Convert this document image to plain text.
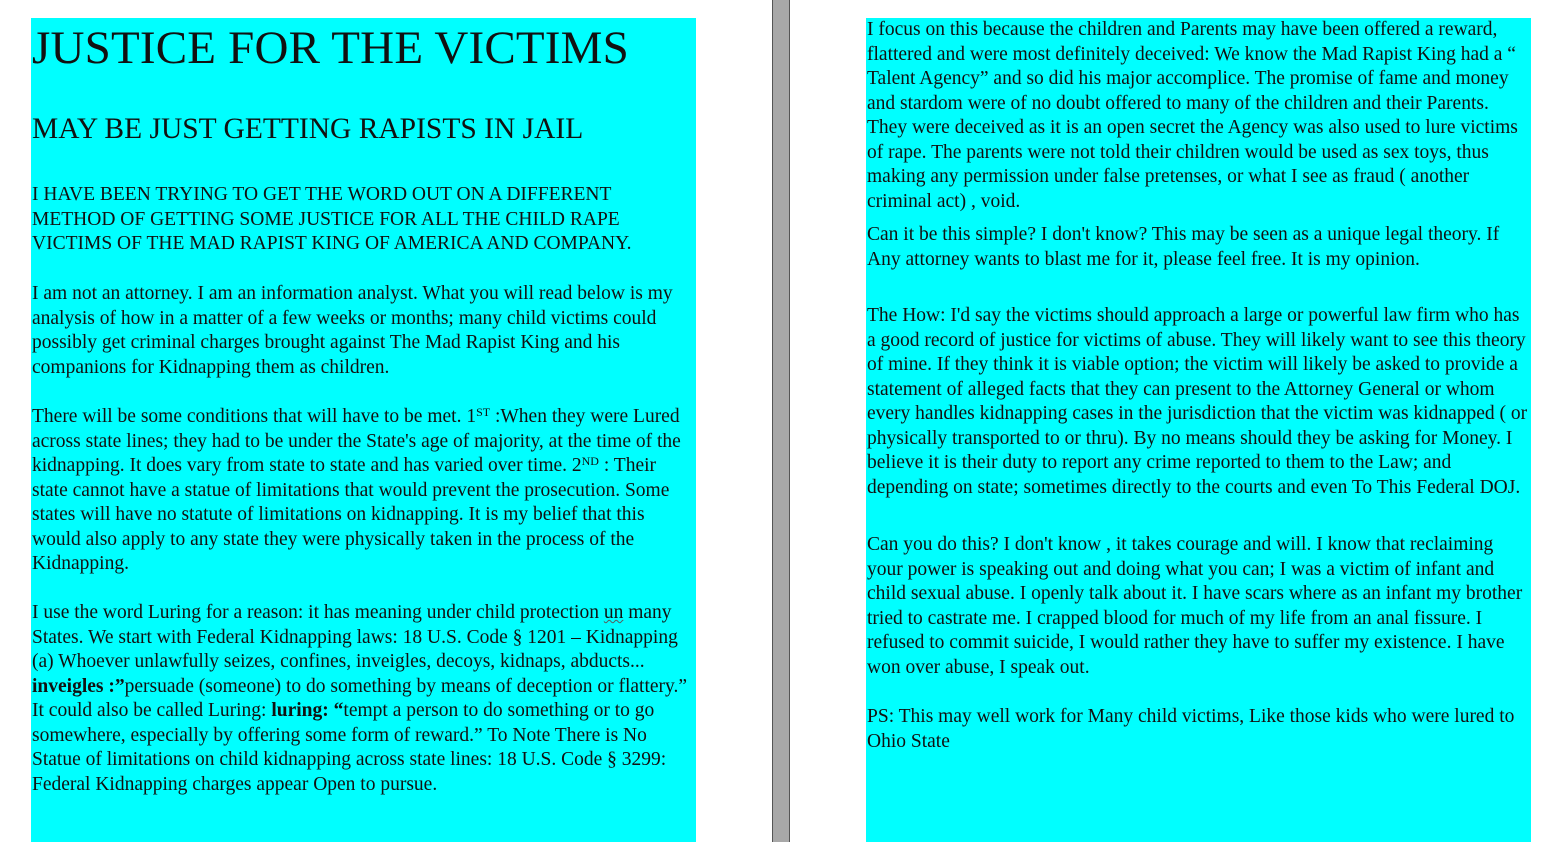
JUSTICE FOR THE VICTIMS
MAY BE JUST GETTING RAPISTS IN JAIL

I HAVE BEEN TRYING TO GET THE WORD OUT ON A DIFFERENT METHOD OF GETTING SOME JUSTICE FOR ALL THE CHILD RAPE VICTIMS OF THE MAD RAPIST KING OF AMERICA AND COMPANY.

I am not an attorney. I am an information analyst. What you will read below is my analysis of how in a matter of a few weeks or months; many child victims could possibly get criminal charges brought against The Mad Rapist King and his companions for Kidnapping them as children.

There will be some conditions that will have to be met. 1ST :When they were Lured across state lines; they had to be under the State's age of majority, at the time of the kidnapping. It does vary from state to state and has varied over time. 2ND : Their state cannot have a statue of limitations that would prevent the prosecution. Some states will have no statute of limitations on kidnapping. It is my belief that this would also apply to any state they were physically taken in the process of the Kidnapping.

I use the word Luring for a reason: it has meaning under child protection un many States. We start with Federal Kidnapping laws: 18 U.S. Code § 1201 – Kidnapping (a) Whoever unlawfully seizes, confines, inveigles, decoys, kidnaps, abducts... inveigles :”persuade (someone) to do something by means of deception or flattery.” It could also be called Luring: luring: “tempt a person to do something or to go somewhere, especially by offering some form of reward.” To Note There is No Statue of limitations on child kidnapping across state lines: 18 U.S. Code § 3299: Federal Kidnapping charges appear Open to pursue.

I focus on this because the children and Parents may have been offered a reward, flattered and were most definitely deceived: We know the Mad Rapist King had a “ Talent Agency” and so did his major accomplice. The promise of fame and money and stardom were of no doubt offered to many of the children and their Parents. They were deceived as it is an open secret the Agency was also used to lure victims of rape. The parents were not told their children would be used as sex toys, thus making any permission under false pretenses, or what I see as fraud ( another criminal act) , void.

Can it be this simple? I don't know? This may be seen as a unique legal theory. If Any attorney wants to blast me for it, please feel free. It is my opinion.

The How: I'd say the victims should approach a large or powerful law firm who has a good record of justice for victims of abuse. They will likely want to see this theory of mine. If they think it is viable option; the victim will likely be asked to provide a statement of alleged facts that they can present to the Attorney General or whom every handles kidnapping cases in the jurisdiction that the victim was kidnapped ( or physically transported to or thru). By no means should they be asking for Money. I believe it is their duty to report any crime reported to them to the Law; and depending on state; sometimes directly to the courts and even To This Federal DOJ.

Can you do this? I don't know , it takes courage and will. I know that reclaiming your power is speaking out and doing what you can; I was a victim of infant and child sexual abuse. I openly talk about it. I have scars where as an infant my brother tried to castrate me. I crapped blood for much of my life from an anal fissure. I refused to commit suicide, I would rather they have to suffer my existence. I have won over abuse, I speak out.

PS: This may well work for Many child victims, Like those kids who were lured to Ohio State
